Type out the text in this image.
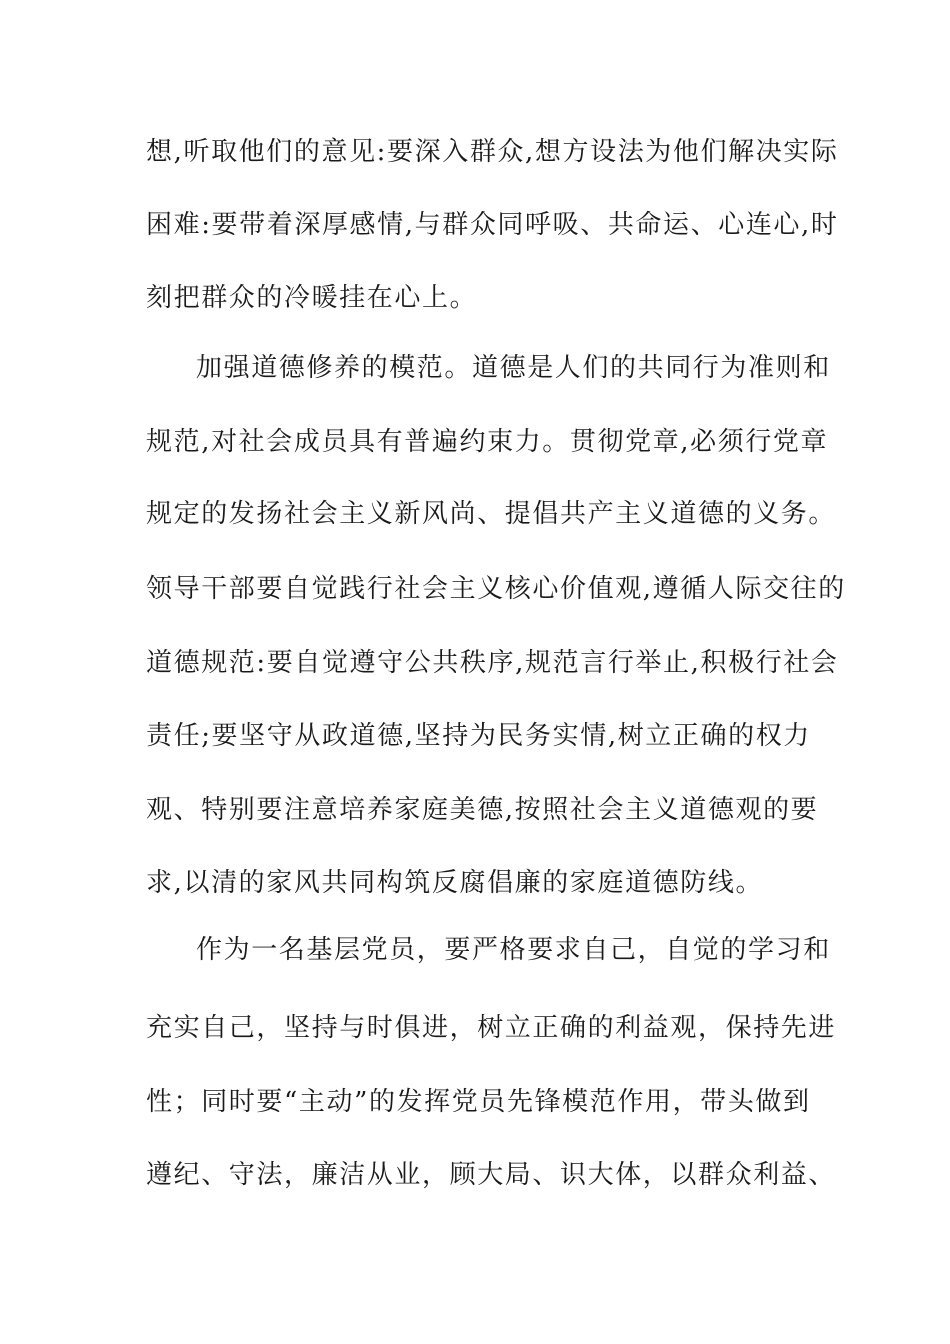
想,听取他们的意见:要深入群众,想方设法为他们解决实际
困难:要带着深厚感情,与群众同呼吸、共命运、心连心,时
刻把群众的冷暖挂在心上。
加强道德修养的模范。道德是人们的共同行为准则和
规范,对社会成员具有普遍约束力。贯彻党章,必须行党章
规定的发扬社会主义新风尚、提倡共产主义道德的义务。
领导干部要自觉践行社会主义核心价值观,遵循人际交往的
道德规范:要自觉遵守公共秩序,规范言行举止,积极行社会
责任;要坚守从政道德,坚持为民务实情,树立正确的权力
观、特别要注意培养家庭美德,按照社会主义道德观的要
求,以清的家风共同构筑反腐倡廉的家庭道德防线。
作为一名基层党员，要严格要求自己，自觉的学习和
充实自己，坚持与时俱进，树立正确的利益观，保持先进
性；同时要“主动”的发挥党员先锋模范作用，带头做到
遵纪、守法，廉洁从业，顾大局、识大体，以群众利益、
